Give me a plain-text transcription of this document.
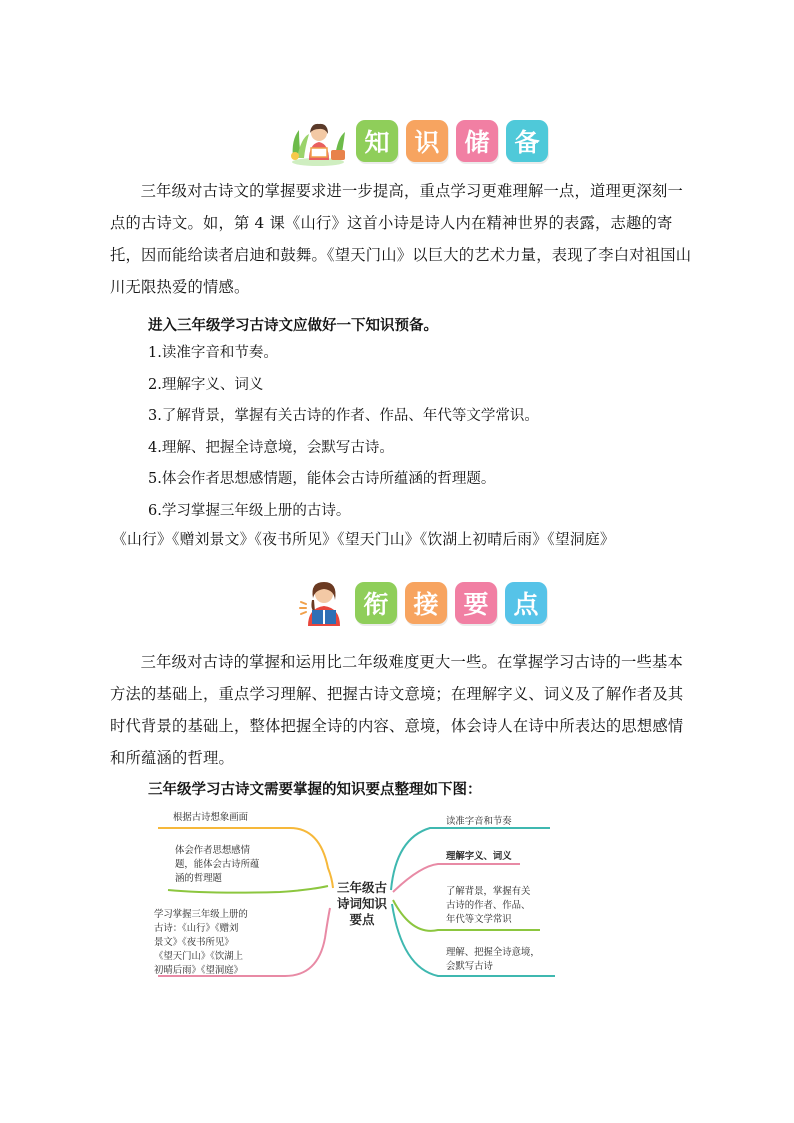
知 识 储 备

三年级对古诗文的掌握要求进一步提高，重点学习更难理解一点，道理更深刻一点的古诗文。如，第 4 课《山行》这首小诗是诗人内在精神世界的表露，志趣的寄托，因而能给读者启迪和鼓舞。《望天门山》以巨大的艺术力量，表现了李白对祖国山川无限热爱的情感。

进入三年级学习古诗文应做好一下知识预备。

1.读准字音和节奏。
2.理解字义、词义
3.了解背景，掌握有关古诗的作者、作品、年代等文学常识。
4.理解、把握全诗意境，会默写古诗。
5.体会作者思想感情题，能体会古诗所蕴涵的哲理题。
6.学习掌握三年级上册的古诗。
《山行》《赠刘景文》《夜书所见》《望天门山》《饮湖上初晴后雨》《望洞庭》
衔 接 要 点

三年级对古诗的掌握和运用比二年级难度更大一些。在掌握学习古诗的一些基本方法的基础上，重点学习理解、把握古诗文意境；在理解字义、词义及了解作者及其时代背景的基础上，整体把握全诗的内容、意境，体会诗人在诗中所表达的思想感情和所蕴涵的哲理。

三年级学习古诗文需要掌握的知识要点整理如下图：

三年级古
诗词知识
要点
根据古诗想象画面
体会作者思想感情
题，能体会古诗所蕴
涵的哲理题
学习掌握三年级上册的
古诗：《山行》《赠刘
景文》《夜书所见》
《望天门山》《饮湖上
初晴后雨》《望洞庭》
读准字音和节奏
理解字义、词义
了解背景，掌握有关
古诗的作者、作品、
年代等文学常识
理解、把握全诗意境，
会默写古诗
